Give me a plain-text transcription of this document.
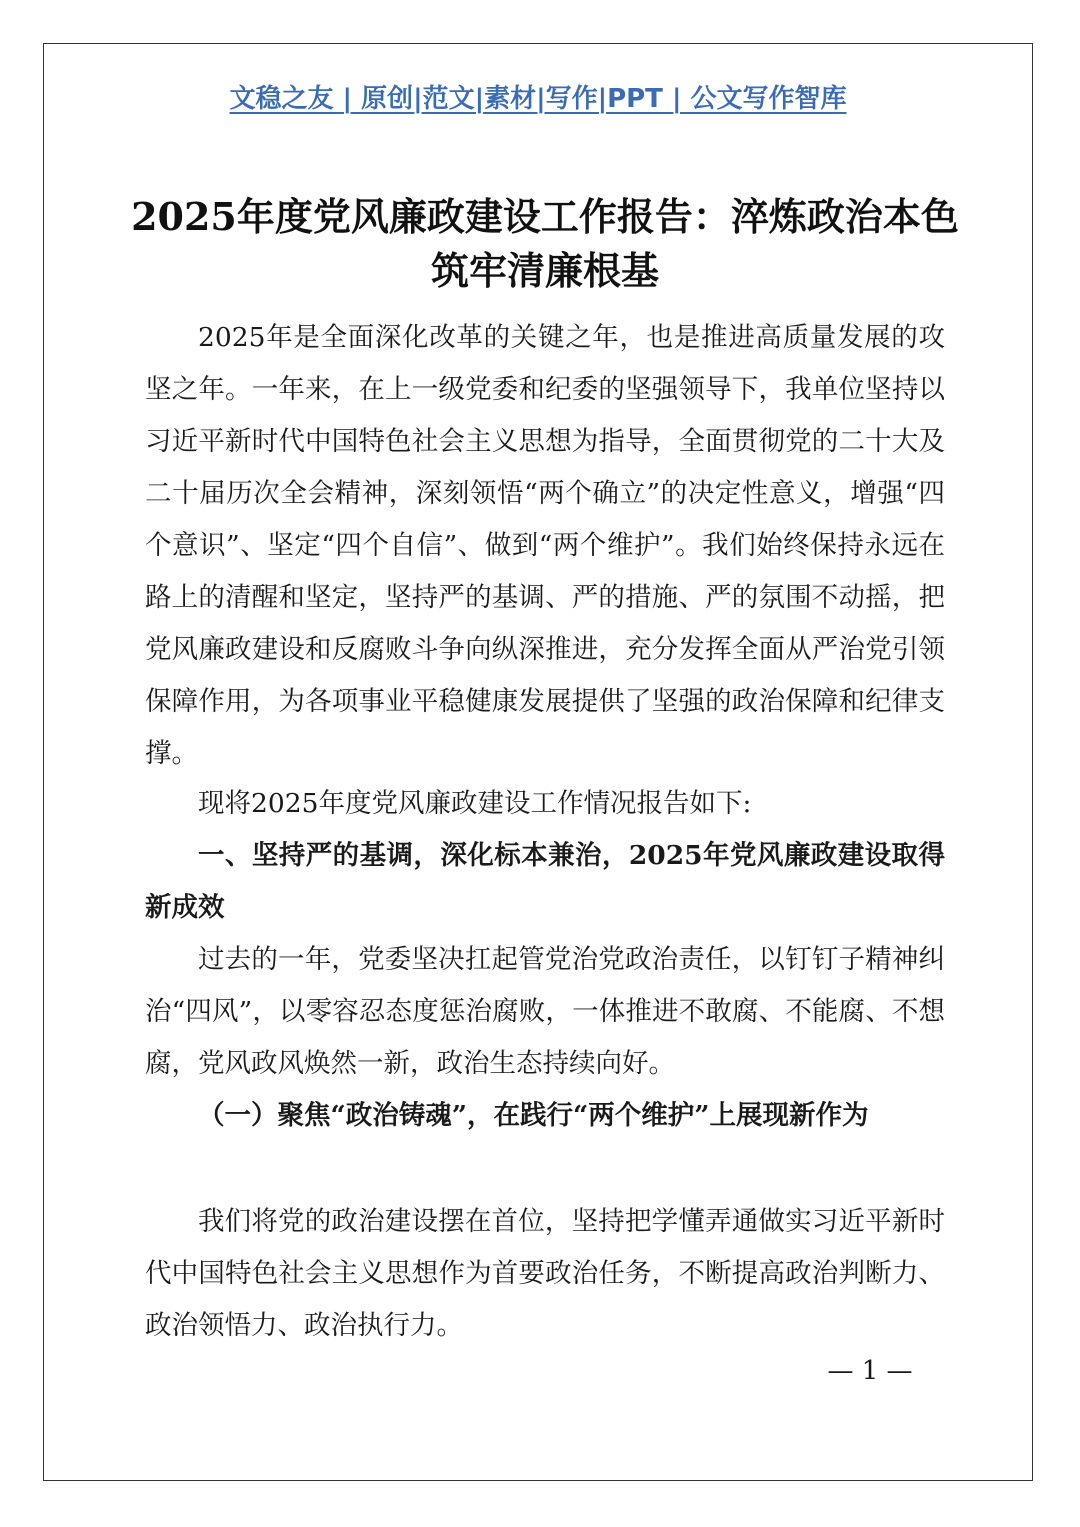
文稳之友 | 原创|范文|素材|写作|PPT | 公文写作智库
2025年度党风廉政建设工作报告：淬炼政治本色 筑牢清廉根基

2025年是全面深化改革的关键之年，也是推进高质量发展的攻坚之年。一年来，在上一级党委和纪委的坚强领导下，我单位坚持以习近平新时代中国特色社会主义思想为指导，全面贯彻党的二十大及二十届历次全会精神，深刻领悟“两个确立”的决定性意义，增强“四个意识”、坚定“四个自信”、做到“两个维护”。我们始终保持永远在路上的清醒和坚定，坚持严的基调、严的措施、严的氛围不动摇，把党风廉政建设和反腐败斗争向纵深推进，充分发挥全面从严治党引领保障作用，为各项事业平稳健康发展提供了坚强的政治保障和纪律支撑。

现将2025年度党风廉政建设工作情况报告如下:

一、坚持严的基调，深化标本兼治，2025年党风廉政建设取得新成效

过去的一年，党委坚决扛起管党治党政治责任，以钉钉子精神纠治“四风”，以零容忍态度惩治腐败，一体推进不敢腐、不能腐、不想腐，党风政风焕然一新，政治生态持续向好。

（一）聚焦“政治铸魂”，在践行“两个维护”上展现新作为

我们将党的政治建设摆在首位，坚持把学懂弄通做实习近平新时代中国特色社会主义思想作为首要政治任务，不断提高政治判断力、政治领悟力、政治执行力。

— 1 —
